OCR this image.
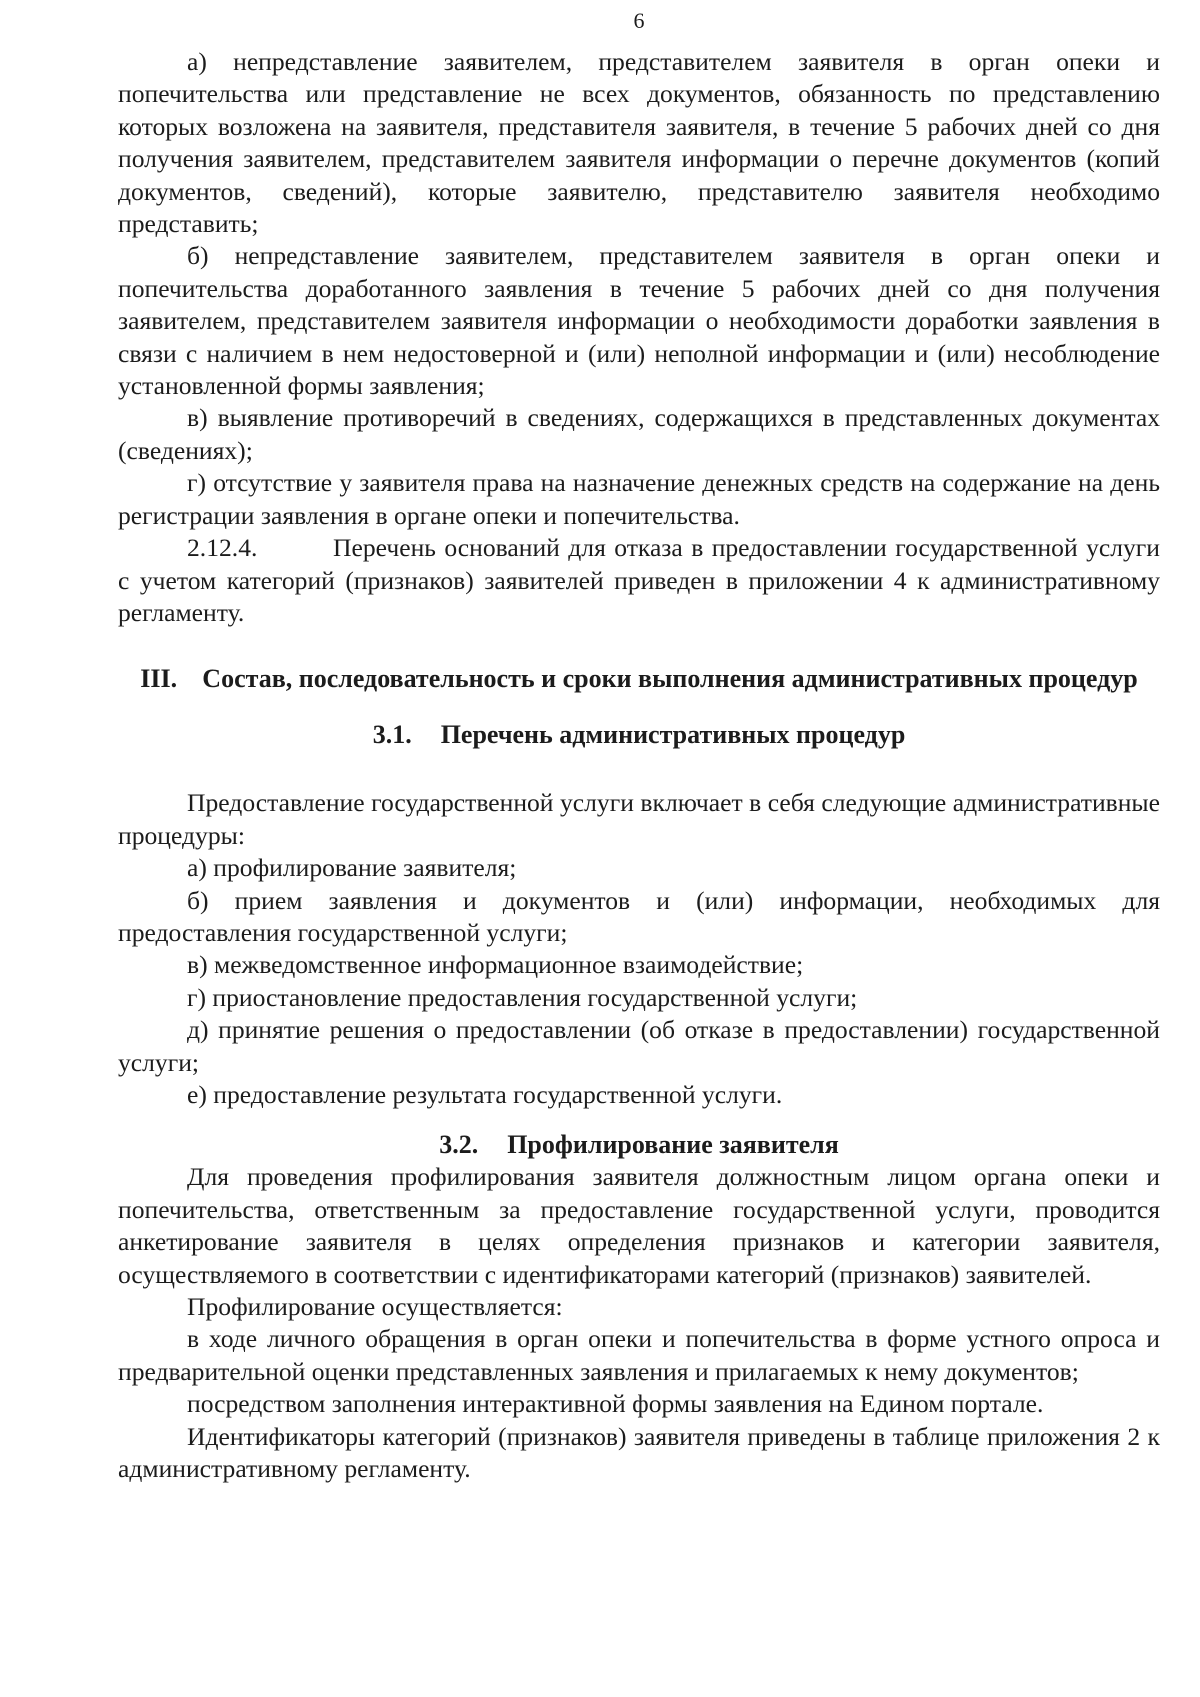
6

а) непредставление заявителем, представителем заявителя в орган опеки и попечительства или представление не всех документов, обязанность по представлению которых возложена на заявителя, представителя заявителя, в течение 5 рабочих дней со дня получения заявителем, представителем заявителя информации о перечне документов (копий документов, сведений), которые заявителю, представителю заявителя необходимо представить;

б) непредставление заявителем, представителем заявителя в орган опеки и попечительства доработанного заявления в течение 5 рабочих дней со дня получения заявителем, представителем заявителя информации о необходимости доработки заявления в связи с наличием в нем недостоверной и (или) неполной информации и (или) несоблюдение установленной формы заявления;

в) выявление противоречий в сведениях, содержащихся в представленных документах (сведениях);

г) отсутствие у заявителя права на назначение денежных средств на содержание на день регистрации заявления в органе опеки и попечительства.

2.12.4.	Перечень оснований для отказа в предоставлении государственной услуги с учетом категорий (признаков) заявителей приведен в приложении 4 к административному регламенту.

III. Состав, последовательность и сроки выполнения административных процедур
3.1. Перечень административных процедур

Предоставление государственной услуги включает в себя следующие административные процедуры:

а) профилирование заявителя;

б) прием заявления и документов и (или) информации, необходимых для предоставления государственной услуги;

в) межведомственное информационное взаимодействие;

г) приостановление предоставления государственной услуги;

д) принятие решения о предоставлении (об отказе в предоставлении) государственной услуги;

е) предоставление результата государственной услуги.

3.2. Профилирование заявителя

Для проведения профилирования заявителя должностным лицом органа опеки и попечительства, ответственным за предоставление государственной услуги, проводится анкетирование заявителя в целях определения признаков и категории заявителя, осуществляемого в соответствии с идентификаторами категорий (признаков) заявителей.

Профилирование осуществляется:

в ходе личного обращения в орган опеки и попечительства в форме устного опроса и предварительной оценки представленных заявления и прилагаемых к нему документов;

посредством заполнения интерактивной формы заявления на Едином портале.

Идентификаторы категорий (признаков) заявителя приведены в таблице приложения 2 к административному регламенту.
